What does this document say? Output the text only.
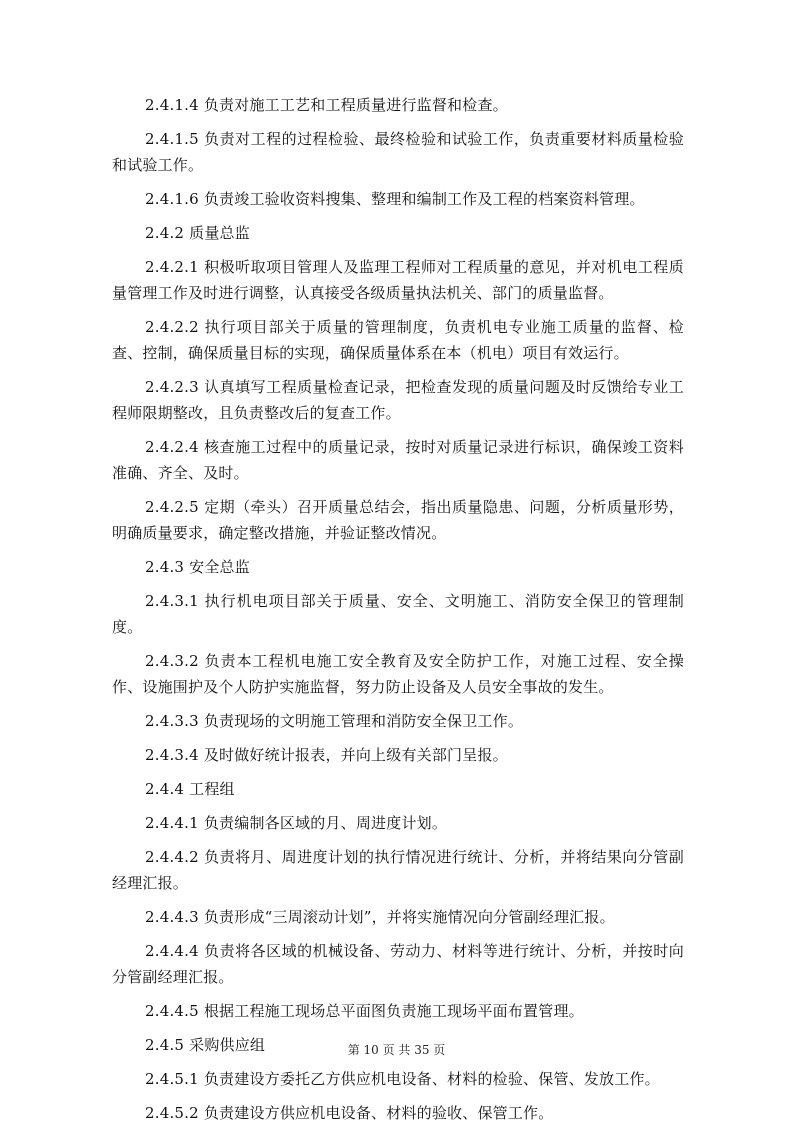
2.4.1.4 负责对施工工艺和工程质量进行监督和检查。

2.4.1.5 负责对工程的过程检验、最终检验和试验工作，负责重要材料质量检验和试验工作。

2.4.1.6 负责竣工验收资料搜集、整理和编制工作及工程的档案资料管理。

2.4.2 质量总监

2.4.2.1 积极听取项目管理人及监理工程师对工程质量的意见，并对机电工程质量管理工作及时进行调整，认真接受各级质量执法机关、部门的质量监督。

2.4.2.2 执行项目部关于质量的管理制度，负责机电专业施工质量的监督、检查、控制，确保质量目标的实现，确保质量体系在本（机电）项目有效运行。

2.4.2.3 认真填写工程质量检查记录，把检查发现的质量问题及时反馈给专业工程师限期整改，且负责整改后的复查工作。

2.4.2.4 核查施工过程中的质量记录，按时对质量记录进行标识，确保竣工资料准确、齐全、及时。

2.4.2.5 定期（牵头）召开质量总结会，指出质量隐患、问题，分析质量形势，明确质量要求，确定整改措施，并验证整改情况。

2.4.3 安全总监

2.4.3.1 执行机电项目部关于质量、安全、文明施工、消防安全保卫的管理制度。

2.4.3.2 负责本工程机电施工安全教育及安全防护工作，对施工过程、安全操作、设施围护及个人防护实施监督，努力防止设备及人员安全事故的发生。

2.4.3.3 负责现场的文明施工管理和消防安全保卫工作。

2.4.3.4 及时做好统计报表，并向上级有关部门呈报。

2.4.4 工程组

2.4.4.1 负责编制各区域的月、周进度计划。

2.4.4.2 负责将月、周进度计划的执行情况进行统计、分析，并将结果向分管副经理汇报。

2.4.4.3 负责形成“三周滚动计划”，并将实施情况向分管副经理汇报。

2.4.4.4 负责将各区域的机械设备、劳动力、材料等进行统计、分析，并按时向分管副经理汇报。

2.4.4.5 根据工程施工现场总平面图负责施工现场平面布置管理。

2.4.5 采购供应组

2.4.5.1 负责建设方委托乙方供应机电设备、材料的检验、保管、发放工作。

2.4.5.2 负责建设方供应机电设备、材料的验收、保管工作。

第 10 页 共 35 页
